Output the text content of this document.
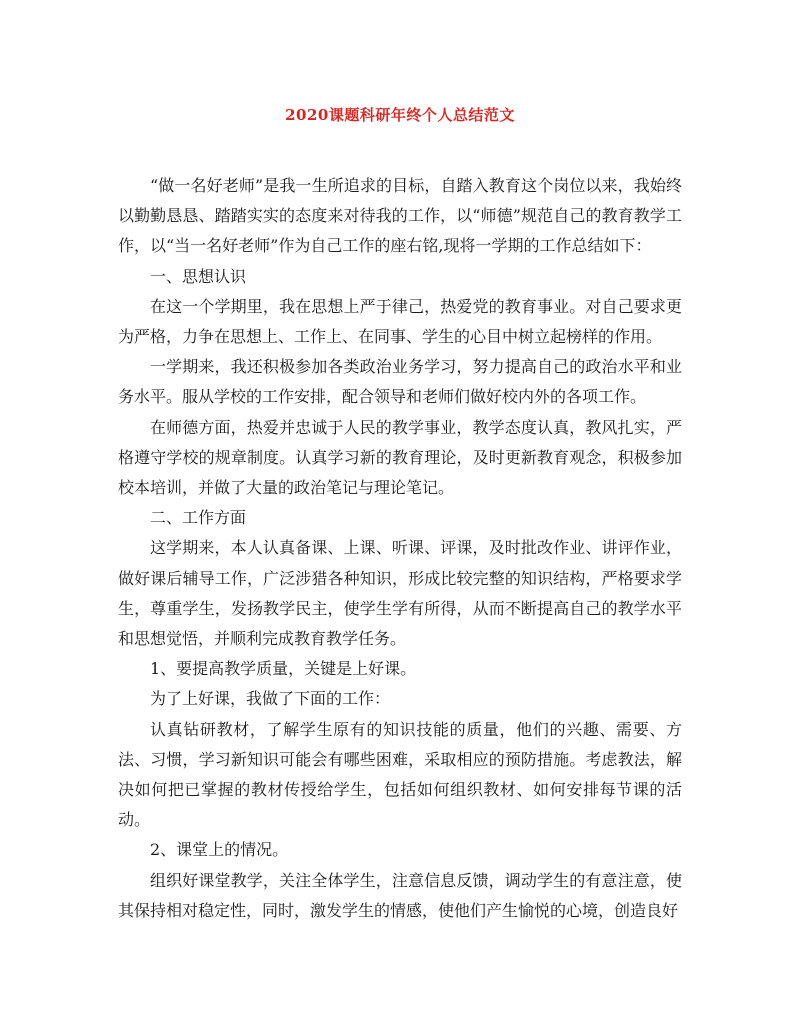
2020课题科研年终个人总结范文

“做一名好老师”是我一生所追求的目标，自踏入教育这个岗位以来，我始终以勤勤恳恳、踏踏实实的态度来对待我的工作，以“师德”规范自己的教育教学工作，以“当一名好老师”作为自己工作的座右铭,现将一学期的工作总结如下：

一、思想认识

在这一个学期里，我在思想上严于律己，热爱党的教育事业。对自己要求更为严格，力争在思想上、工作上、在同事、学生的心目中树立起榜样的作用。

一学期来，我还积极参加各类政治业务学习，努力提高自己的政治水平和业务水平。服从学校的工作安排，配合领导和老师们做好校内外的各项工作。

在师德方面，热爱并忠诚于人民的教学事业，教学态度认真，教风扎实，严格遵守学校的规章制度。认真学习新的教育理论，及时更新教育观念，积极参加校本培训，并做了大量的政治笔记与理论笔记。

二、工作方面

这学期来，本人认真备课、上课、听课、评课，及时批改作业、讲评作业，做好课后辅导工作，广泛涉猎各种知识，形成比较完整的知识结构，严格要求学生，尊重学生，发扬教学民主，使学生学有所得，从而不断提高自己的教学水平和思想觉悟，并顺利完成教育教学任务。

1、要提高教学质量，关键是上好课。

为了上好课，我做了下面的工作：

认真钻研教材，了解学生原有的知识技能的质量，他们的兴趣、需要、方法、习惯，学习新知识可能会有哪些困难，采取相应的预防措施。考虑教法，解决如何把已掌握的教材传授给学生，包括如何组织教材、如何安排每节课的活动。

2、课堂上的情况。

组织好课堂教学，关注全体学生，注意信息反馈，调动学生的有意注意，使其保持相对稳定性，同时，激发学生的情感，使他们产生愉悦的心境，创造良好
